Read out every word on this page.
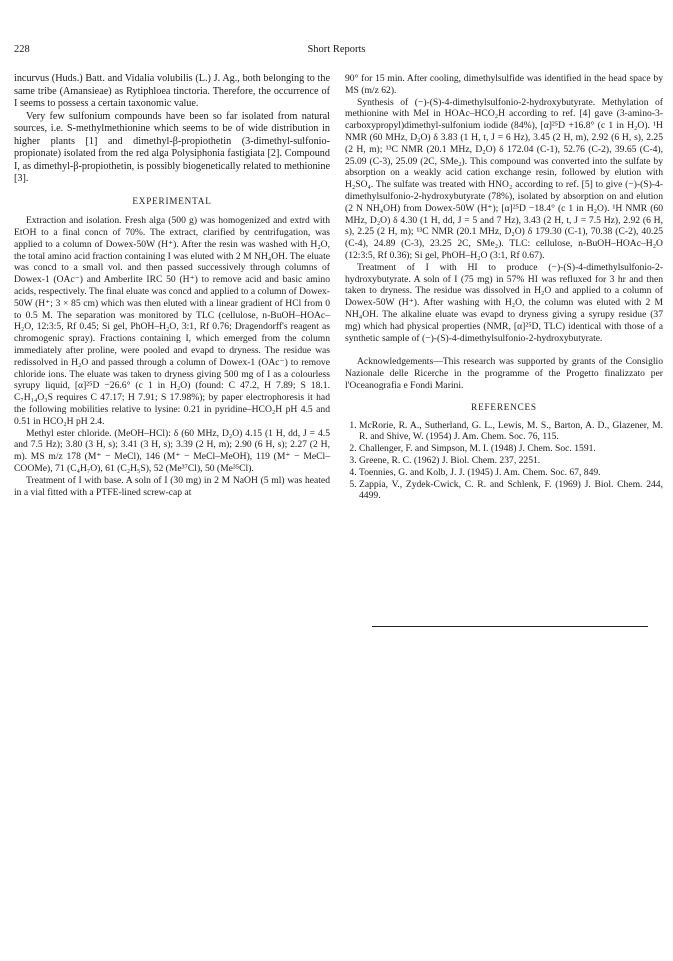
228	Short Reports

incurvus (Huds.) Batt. and Vidalia volubilis (L.) J. Ag., both belonging to the same tribe (Amansieae) as Rytiphloea tinctoria. Therefore, the occurrence of I seems to possess a certain taxonomic value.

Very few sulfonium compounds have been so far isolated from natural sources, i.e. S-methylmethionine which seems to be of wide distribution in higher plants [1] and dimethyl-β-propiothetin (3-dimethyl-sulfonio-propionate) isolated from the red alga Polysiphonia fastigiata [2]. Compound I, as dimethyl-β-propiothetin, is possibly biogenetically related to methionine [3].

EXPERIMENTAL

Extraction and isolation. Fresh alga (500 g) was homogenized and extrd with EtOH to a final concn of 70%. The extract, clarified by centrifugation, was applied to a column of Dowex-50W (H⁺). After the resin was washed with H₂O, the total amino acid fraction containing I was eluted with 2 M NH₄OH. The eluate was concd to a small vol. and then passed successively through columns of Dowex-1 (OAc⁻) and Amberlite IRC 50 (H⁺) to remove acid and basic amino acids, respectively. The final eluate was concd and applied to a column of Dowex-50W (H⁺; 3 × 85 cm) which was then eluted with a linear gradient of HCl from 0 to 0.5 M. The separation was monitored by TLC (cellulose, n-BuOH–HOAc–H₂O, 12:3:5, Rf 0.45; Si gel, PhOH–H₂O, 3:1, Rf 0.76; Dragendorff's reagent as chromogenic spray). Fractions containing I, which emerged from the column immediately after proline, were pooled and evapd to dryness. The residue was redissolved in H₂O and passed through a column of Dowex-1 (OAc⁻) to remove chloride ions. The eluate was taken to dryness giving 500 mg of I as a colourless syrupy liquid, [α]²⁵D −26.6° (c 1 in H₂O) (found: C 47.2, H 7.89; S 18.1. C₇H₁₄O₃S requires C 47.17; H 7.91; S 17.98%); by paper electrophoresis it had the following mobilities relative to lysine: 0.21 in pyridine–HCO₂H pH 4.5 and 0.51 in HCO₂H pH 2.4.

Methyl ester chloride. (MeOH–HCl): δ (60 MHz, D₂O) 4.15 (1 H, dd, J = 4.5 and 7.5 Hz); 3.80 (3 H, s); 3.41 (3 H, s); 3.39 (2 H, m); 2.90 (6 H, s); 2.27 (2 H, m). MS m/z 178 (M⁺ − MeCl), 146 (M⁺ − MeCl–MeOH), 119 (M⁺ − MeCl–COOMe), 71 (C₄H₇O), 61 (C₂H₅S), 52 (Me³⁷Cl), 50 (Me³⁵Cl).

Treatment of I with base. A soln of I (30 mg) in 2 M NaOH (5 ml) was heated in a vial fitted with a PTFE-lined screw-cap at

90° for 15 min. After cooling, dimethylsulfide was identified in the head space by MS (m/z 62).

Synthesis of (−)-(S)-4-dimethylsulfonio-2-hydroxybutyrate. Methylation of methionine with MeI in HOAc–HCO₂H according to ref. [4] gave (3-amino-3-carboxypropyl)dimethyl-sulfonium iodide (84%), [α]²⁵D +16.8° (c 1 in H₂O). ¹H NMR (60 MHz, D₂O) δ 3.83 (1 H, t, J = 6 Hz), 3.45 (2 H, m), 2.92 (6 H, s), 2.25 (2 H, m); ¹³C NMR (20.1 MHz, D₂O) δ 172.04 (C-1), 52.76 (C-2), 39.65 (C-4), 25.09 (C-3), 25.09 (2C, SMe₂). This compound was converted into the sulfate by absorption on a weakly acid cation exchange resin, followed by elution with H₂SO₄. The sulfate was treated with HNO₂ according to ref. [5] to give (−)-(S)-4-dimethylsulfonio-2-hydroxybutyrate (78%), isolated by absorption on and elution (2 N NH₄OH) from Dowex-50W (H⁺); [α]²⁵D −18.4° (c 1 in H₂O). ¹H NMR (60 MHz, D₂O) δ 4.30 (1 H, dd, J = 5 and 7 Hz), 3.43 (2 H, t, J = 7.5 Hz), 2.92 (6 H, s), 2.25 (2 H, m); ¹³C NMR (20.1 MHz, D₂O) δ 179.30 (C-1), 70.38 (C-2), 40.25 (C-4), 24.89 (C-3), 23.25 2C, SMe₂). TLC: cellulose, n-BuOH–HOAc–H₂O (12:3:5, Rf 0.36); Si gel, PhOH–H₂O (3:1, Rf 0.67).

Treatment of I with HI to produce (−)-(S)-4-dimethylsulfonio-2-hydroxybutyrate. A soln of I (75 mg) in 57% HI was refluxed for 3 hr and then taken to dryness. The residue was dissolved in H₂O and applied to a column of Dowex-50W (H⁺). After washing with H₂O, the column was eluted with 2 M NH₄OH. The alkaline eluate was evapd to dryness giving a syrupy residue (37 mg) which had physical properties (NMR, [α]²⁵D, TLC) identical with those of a synthetic sample of (−)-(S)-4-dimethylsulfonio-2-hydroxybutyrate.

Acknowledgements—This research was supported by grants of the Consiglio Nazionale delle Ricerche in the programme of the Progetto finalizzato per l'Oceanografia e Fondi Marini.

REFERENCES
1. McRorie, R. A., Sutherland, G. L., Lewis, M. S., Barton, A. D., Glazener, M. R. and Shive, W. (1954) J. Am. Chem. Soc. 76, 115.
2. Challenger, F. and Simpson, M. I. (1948) J. Chem. Soc. 1591.
3. Greene, R. C. (1962) J. Biol. Chem. 237, 2251.
4. Toennies, G. and Kolb, J. J. (1945) J. Am. Chem. Soc. 67, 849.
5. Zappia, V., Zydek-Cwick, C. R. and Schlenk, F. (1969) J. Biol. Chem. 244, 4499.
